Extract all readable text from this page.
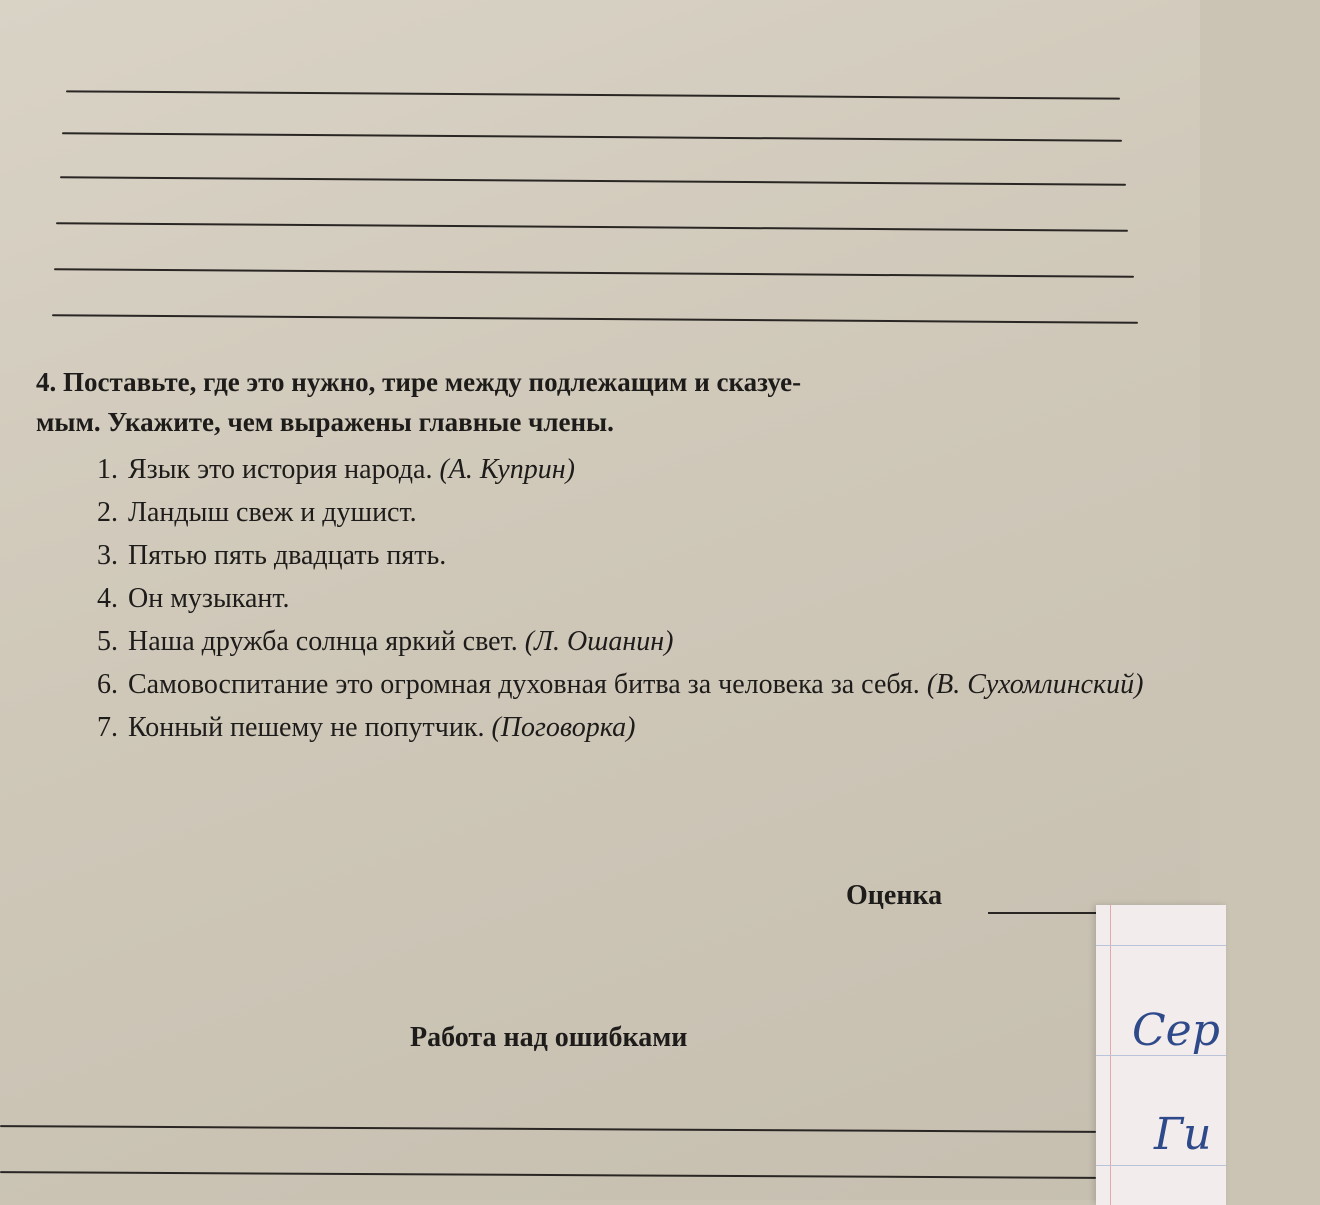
4. Поставьте, где это нужно, тире между подлежащим и сказуе-
мым. Укажите, чем выражены главные члены.
1. Язык это история народа. (А. Куприн)
2. Ландыш свеж и душист.
3. Пятью пять двадцать пять.
4. Он музыкант.
5. Наша дружба солнца яркий свет. (Л. Ошанин)
6. Самовоспитание это огромная духовная битва за человека за себя. (В. Сухомлинский)
7. Конный пешему не попутчик. (Поговорка)
Оценка
Работа над ошибками	Сер
Гu
